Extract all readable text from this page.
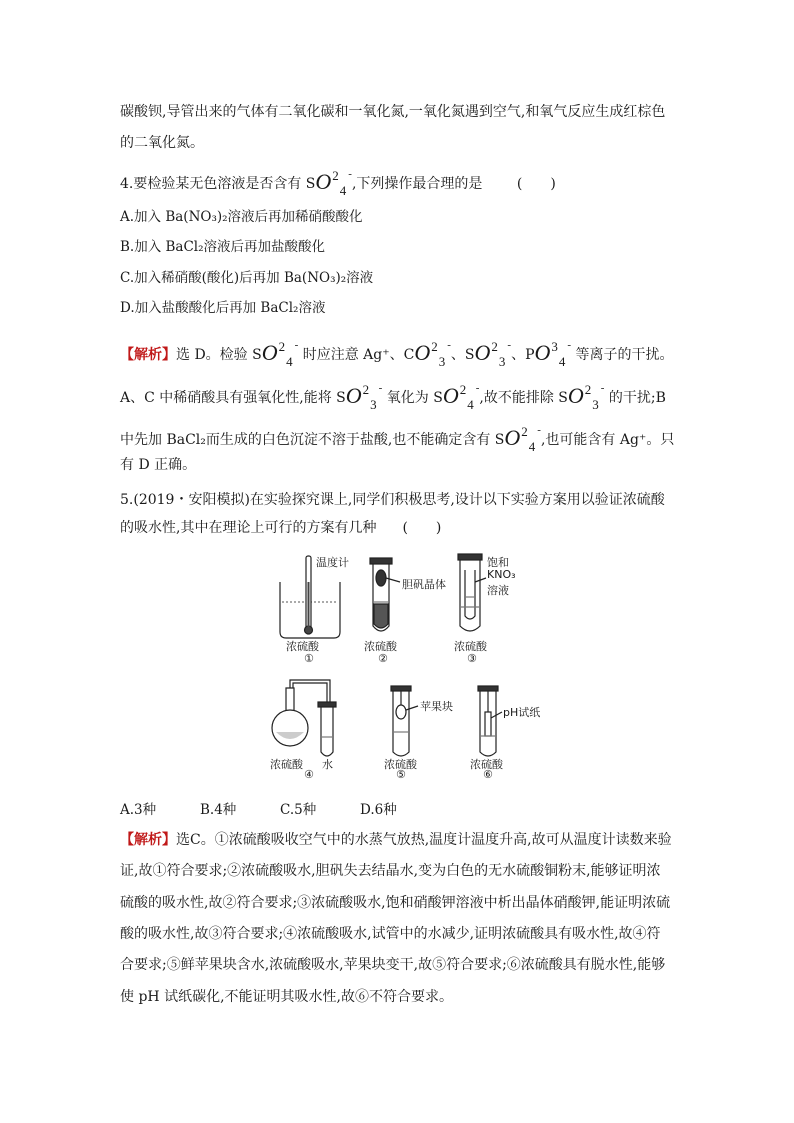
碳酸钡,导管出来的气体有二氧化碳和一氧化氮,一氧化氮遇到空气,和氧气反应生成红棕色
的二氧化氮。
4.要检验某无色溶液是否含有 SO24-,下列操作最合理的是 (　　)
A.加入 Ba(NO₃)₂溶液后再加稀硝酸酸化
B.加入 BaCl₂溶液后再加盐酸酸化
C.加入稀硝酸(酸化)后再加 Ba(NO₃)₂溶液
D.加入盐酸酸化后再加 BaCl₂溶液
【解析】选 D。检验 SO24- 时应注意 Ag⁺、CO23-、SO23-、PO34- 等离子的干扰。
A、C 中稀硝酸具有强氧化性,能将 SO23- 氧化为 SO24-,故不能排除 SO23- 的干扰;B
中先加 BaCl₂而生成的白色沉淀不溶于盐酸,也不能确定含有 SO24-,也可能含有 Ag⁺。只
有 D 正确。
5.(2019・安阳模拟)在实验探究课上,同学们积极思考,设计以下实验方案用以验证浓硫酸
的吸水性,其中在理论上可行的方案有几种 (　　)
温度计
胆矾晶体
饱和
KNO₃
溶液
苹果块	pH试纸
浓硫酸
①
浓硫酸
②
浓硫酸
③
浓硫酸 水
④
浓硫酸
⑤
浓硫酸
⑥
A.3种	B.4种	C.5种	D.6种
【解析】选C。①浓硫酸吸收空气中的水蒸气放热,温度计温度升高,故可从温度计读数来验
证,故①符合要求;②浓硫酸吸水,胆矾失去结晶水,变为白色的无水硫酸铜粉末,能够证明浓
硫酸的吸水性,故②符合要求;③浓硫酸吸水,饱和硝酸钾溶液中析出晶体硝酸钾,能证明浓硫
酸的吸水性,故③符合要求;④浓硫酸吸水,试管中的水减少,证明浓硫酸具有吸水性,故④符
合要求;⑤鲜苹果块含水,浓硫酸吸水,苹果块变干,故⑤符合要求;⑥浓硫酸具有脱水性,能够
使 pH 试纸碳化,不能证明其吸水性,故⑥不符合要求。
